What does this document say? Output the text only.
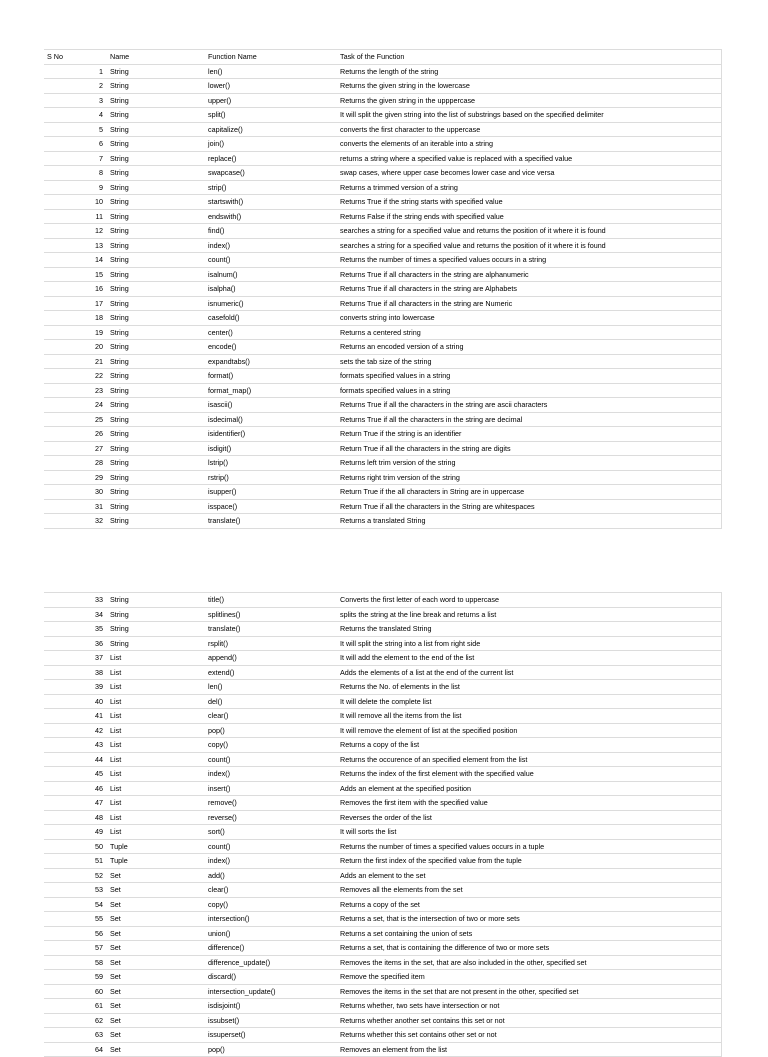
S No	Name	Function Name	Task of the Function
1	String	len()	Returns the length of the string
2	String	lower()	Returns the given string in the lowercase
3	String	upper()	Returns the given string in the upppercase
4	String	split()	It will split the given string into the list of substrings based on the specified delimiter
5	String	capitalize()	converts the first character to the uppercase
6	String	join()	converts the elements of an iterable into a string
7	String	replace()	returns a string where a specified value is replaced with a specified value
8	String	swapcase()	swap cases, where upper case becomes lower case and vice versa
9	String	strip()	Returns a trimmed version of a string
10	String	startswith()	Returns True if the string starts with specified value
11	String	endswith()	Returns False if the string ends with specified value
12	String	find()	searches a string for a specified value and returns the position of it where it is found
13	String	index()	searches a string for a specified value and returns the position of it where it is found
14	String	count()	Returns the number of times a specified values occurs in a string
15	String	isalnum()	Returns True if all characters in the string are alphanumeric
16	String	isalpha()	Returns True if all characters in the string are Alphabets
17	String	isnumeric()	Returns True if all characters in the string are Numeric
18	String	casefold()	converts string into lowercase
19	String	center()	Returns a centered string
20	String	encode()	Returns an encoded version of a string
21	String	expandtabs()	sets the tab size of the string
22	String	format()	formats specified values in a string
23	String	format_map()	formats specified values in a string
24	String	isascii()	Returns True if all the characters in the string are ascii characters
25	String	isdecimal()	Returns True if all the characters in the string are decimal
26	String	isidentifier()	Return True if the string is an identifier
27	String	isdigit()	Return True if all the characters in the string are digits
28	String	lstrip()	Returns left trim version of the string
29	String	rstrip()	Returns right trim version of the string
30	String	isupper()	Return True if the all characters in String are in uppercase
31	String	isspace()	Return True if all the characters in the String are whitespaces
32	String	translate()	Returns a translated String
33	String	title()	Converts the first letter of each word to uppercase
34	String	splitlines()	splits the string at the line break and returns a list
35	String	translate()	Returns the translated String
36	String	rsplit()	It will split the string into a list from right side
37	List	append()	It will add the element to the end of the list
38	List	extend()	Adds the elements of a list at the end of the current list
39	List	len()	Returns the No. of elements in the list
40	List	del()	It will delete the complete list
41	List	clear()	It will remove all the items from the list
42	List	pop()	It will remove the element of list at the specified position
43	List	copy()	Returns a copy of the list
44	List	count()	Returns the occurence of an specified element from the list
45	List	index()	Returns the index of the first element with the specified value
46	List	insert()	Adds an element at the specified position
47	List	remove()	Removes the first item with the specified value
48	List	reverse()	Reverses the order of the list
49	List	sort()	It will sorts the list
50	Tuple	count()	Returns the number of times a specified values occurs in a tuple
51	Tuple	index()	Return the first index of the specified value from the tuple
52	Set	add()	Adds an element to the set
53	Set	clear()	Removes all the elements from the set
54	Set	copy()	Returns a copy of the set
55	Set	intersection()	Returns a set, that is the intersection of two or more sets
56	Set	union()	Returns a set containing the union of sets
57	Set	difference()	Returns a set, that is containing the difference of two or more sets
58	Set	difference_update()	Removes the items in the set, that are also included in the other, specified set
59	Set	discard()	Remove the specified item
60	Set	intersection_update()	Removes the items in the set that are not present in the other, specified set
61	Set	isdisjoint()	Returns whether, two sets have intersection or not
62	Set	issubset()	Returns whether another set contains this set or not
63	Set	issuperset()	Returns whether this set contains other set or not
64	Set	pop()	Removes an element from the list
